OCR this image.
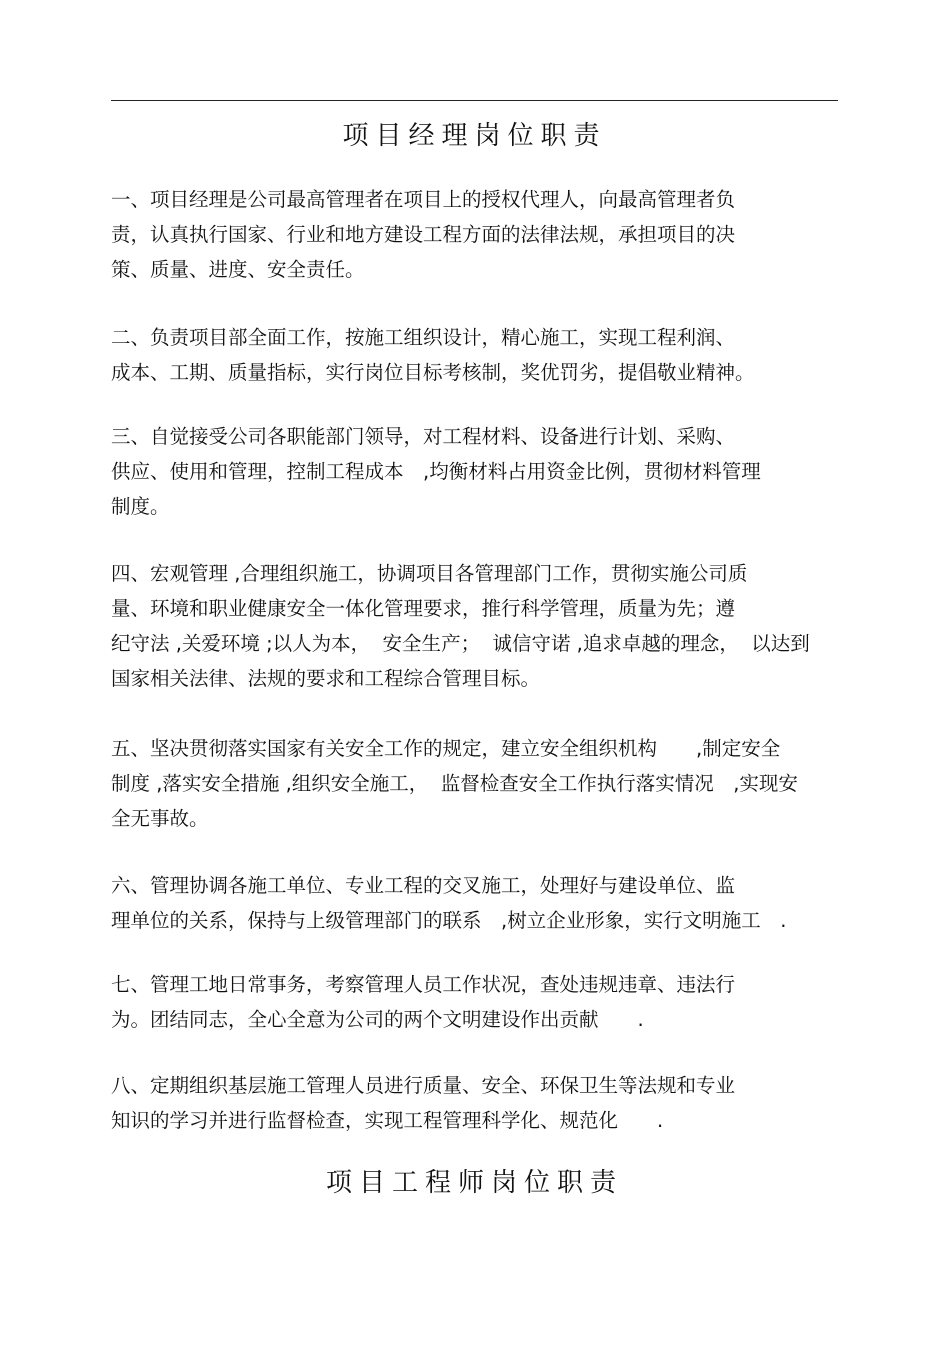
项目经理岗位职责
一、项目经理是公司最高管理者在项目上的授权代理人，向最高管理者负
责，认真执行国家、行业和地方建设工程方面的法律法规，承担项目的决
策、质量、进度、安全责任。
二、负责项目部全面工作，按施工组织设计，精心施工，实现工程利润、
成本、工期、质量指标，实行岗位目标考核制，奖优罚劣，提倡敬业精神。
三、自觉接受公司各职能部门领导，对工程材料、设备进行计划、采购、
供应、使用和管理，控制工程成本　,均衡材料占用资金比例，贯彻材料管理
制度。
四、宏观管理 ,合理组织施工，协调项目各管理部门工作，贯彻实施公司质
量、环境和职业健康安全一体化管理要求，推行科学管理，质量为先；遵
纪守法 ,关爱环境 ;以人为本，  安全生产；  诚信守诺 ,追求卓越的理念，  以达到
国家相关法律、法规的要求和工程综合管理目标。
五、坚决贯彻落实国家有关安全工作的规定，建立安全组织机构　　,制定安全
制度 ,落实安全措施 ,组织安全施工，  监督检查安全工作执行落实情况　,实现安
全无事故。
六、管理协调各施工单位、专业工程的交叉施工，处理好与建设单位、监
理单位的关系，保持与上级管理部门的联系　,树立企业形象，实行文明施工　.
七、管理工地日常事务，考察管理人员工作状况，查处违规违章、违法行
为。团结同志，全心全意为公司的两个文明建设作出贡献　　.
八、定期组织基层施工管理人员进行质量、安全、环保卫生等法规和专业
知识的学习并进行监督检查，实现工程管理科学化、规范化　　.
项目工程师岗位职责
